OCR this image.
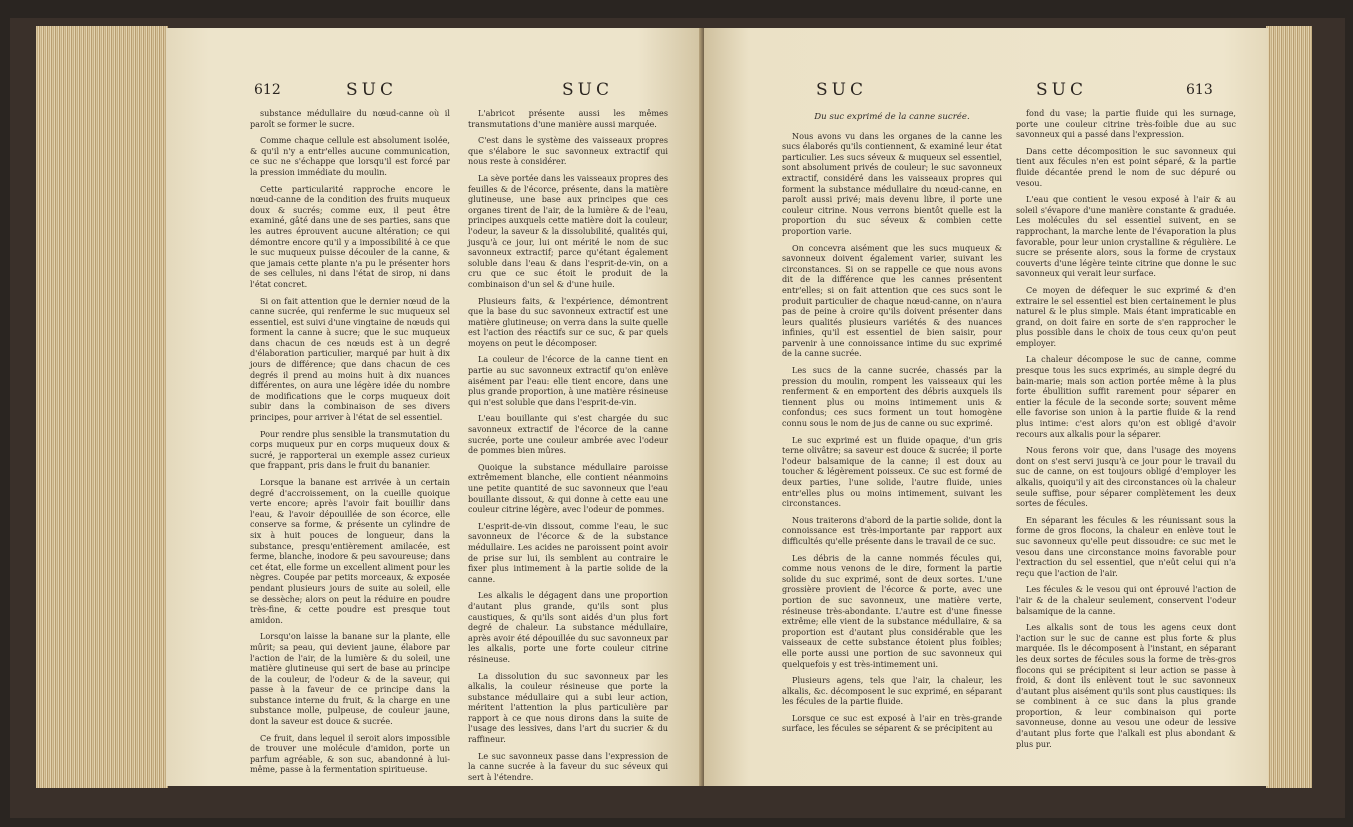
612	SUC	SUC

substance médullaire du nœud-canne où il paroît se former le sucre.

Comme chaque cellule est absolument isolée, & qu'il n'y a entr'elles aucune communication, ce suc ne s'échappe que lorsqu'il est forcé par la pression immédiate du moulin.

Cette particularité rapproche encore le nœud-canne de la condition des fruits muqueux doux & sucrés; comme eux, il peut être examiné, gâté dans une de ses parties, sans que les autres éprouvent aucune altération; ce qui démontre encore qu'il y a impossibilité à ce que le suc muqueux puisse découler de la canne, & que jamais cette plante n'a pu le présenter hors de ses cellules, ni dans l'état de sirop, ni dans l'état concret.

Si on fait attention que le dernier nœud de la canne sucrée, qui renferme le suc muqueux sel essentiel, est suivi d'une vingtaine de nœuds qui forment la canne à sucre; que le suc muqueux dans chacun de ces nœuds est à un degré d'élaboration particulier, marqué par huit à dix jours de différence; que dans chacun de ces degrés il prend au moins huit à dix nuances différentes, on aura une légère idée du nombre de modifications que le corps muqueux doit subir dans la combinaison de ses divers principes, pour arriver à l'état de sel essentiel.

Pour rendre plus sensible la transmutation du corps muqueux pur en corps muqueux doux & sucré, je rapporterai un exemple assez curieux que frappant, pris dans le fruit du bananier.

Lorsque la banane est arrivée à un certain degré d'accroissement, on la cueille quoique verte encore; après l'avoir fait bouillir dans l'eau, & l'avoir dépouillée de son écorce, elle conserve sa forme, & présente un cylindre de six à huit pouces de longueur, dans la substance, presqu'entièrement amilacée, est ferme, blanche, inodore & peu savoureuse; dans cet état, elle forme un excellent aliment pour les nègres. Coupée par petits morceaux, & exposée pendant plusieurs jours de suite au soleil, elle se dessèche; alors on peut la réduire en poudre très-fine, & cette poudre est presque tout amidon.

Lorsqu'on laisse la banane sur la plante, elle mûrit; sa peau, qui devient jaune, élabore par l'action de l'air, de la lumière & du soleil, une matière glutineuse qui sert de base au principe de la couleur, de l'odeur & de la saveur, qui passe à la faveur de ce principe dans la substance interne du fruit, & la charge en une substance molle, pulpeuse, de couleur jaune, dont la saveur est douce & sucrée.

Ce fruit, dans lequel il seroit alors impossible de trouver une molécule d'amidon, porte un parfum agréable, & son suc, abandonné à lui-même, passe à la fermentation spiritueuse.

L'abricot présente aussi les mêmes transmutations d'une manière aussi marquée.

C'est dans le système des vaisseaux propres que s'élabore le suc savonneux extractif qui nous reste à considérer.

La sève portée dans les vaisseaux propres des feuilles & de l'écorce, présente, dans la matière glutineuse, une base aux principes que ces organes tirent de l'air, de la lumière & de l'eau, principes auxquels cette matière doit la couleur, l'odeur, la saveur & la dissolubilité, qualités qui, jusqu'à ce jour, lui ont mérité le nom de suc savonneux extractif; parce qu'étant également soluble dans l'eau & dans l'esprit-de-vin, on a cru que ce suc étoit le produit de la combinaison d'un sel & d'une huile.

Plusieurs faits, & l'expérience, démontrent que la base du suc savonneux extractif est une matière glutineuse; on verra dans la suite quelle est l'action des réactifs sur ce suc, & par quels moyens on peut le décomposer.

La couleur de l'écorce de la canne tient en partie au suc savonneux extractif qu'on enlève aisément par l'eau: elle tient encore, dans une plus grande proportion, à une matière résineuse qui n'est soluble que dans l'esprit-de-vin.

L'eau bouillante qui s'est chargée du suc savonneux extractif de l'écorce de la canne sucrée, porte une couleur ambrée avec l'odeur de pommes bien mûres.

Quoique la substance médullaire paroisse extrêmement blanche, elle contient néanmoins une petite quantité de suc savonneux que l'eau bouillante dissout, & qui donne à cette eau une couleur citrine légère, avec l'odeur de pommes.

L'esprit-de-vin dissout, comme l'eau, le suc savonneux de l'écorce & de la substance médullaire. Les acides ne paroissent point avoir de prise sur lui, ils semblent au contraire le fixer plus intimement à la partie solide de la canne.

Les alkalis le dégagent dans une proportion d'autant plus grande, qu'ils sont plus caustiques, & qu'ils sont aidés d'un plus fort degré de chaleur. La substance médullaire, après avoir été dépouillée du suc savonneux par les alkalis, porte une forte couleur citrine résineuse.

La dissolution du suc savonneux par les alkalis, la couleur résineuse que porte la substance médullaire qui a subi leur action, méritent l'attention la plus particulière par rapport à ce que nous dirons dans la suite de l'usage des lessives, dans l'art du sucrier & du raffineur.

Le suc savonneux passe dans l'expression de la canne sucrée à la faveur du suc séveux qui sert à l'étendre.

SUC	SUC	613

Du suc exprimé de la canne sucrée.

Nous avons vu dans les organes de la canne les sucs élaborés qu'ils contiennent, & examiné leur état particulier. Les sucs séveux & muqueux sel essentiel, sont absolument privés de couleur; le suc savonneux extractif, considéré dans les vaisseaux propres qui forment la substance médullaire du nœud-canne, en paroît aussi privé; mais devenu libre, il porte une couleur citrine. Nous verrons bientôt quelle est la proportion du suc séveux & combien cette proportion varie.

On concevra aisément que les sucs muqueux & savonneux doivent également varier, suivant les circonstances. Si on se rappelle ce que nous avons dit de la différence que les cannes présentent entr'elles; si on fait attention que ces sucs sont le produit particulier de chaque nœud-canne, on n'aura pas de peine à croire qu'ils doivent présenter dans leurs qualités plusieurs variétés & des nuances infinies, qu'il est essentiel de bien saisir, pour parvenir à une connoissance intime du suc exprimé de la canne sucrée.

Les sucs de la canne sucrée, chassés par la pression du moulin, rompent les vaisseaux qui les renferment & en emportent des débris auxquels ils tiennent plus ou moins intimement unis & confondus; ces sucs forment un tout homogène connu sous le nom de jus de canne ou suc exprimé.

Le suc exprimé est un fluide opaque, d'un gris terne olivâtre; sa saveur est douce & sucrée; il porte l'odeur balsamique de la canne; il est doux au toucher & légèrement poisseux. Ce suc est formé de deux parties, l'une solide, l'autre fluide, unies entr'elles plus ou moins intimement, suivant les circonstances.

Nous traiterons d'abord de la partie solide, dont la connoissance est très-importante par rapport aux difficultés qu'elle présente dans le travail de ce suc.

Les débris de la canne nommés fécules qui, comme nous venons de le dire, forment la partie solide du suc exprimé, sont de deux sortes. L'une grossière provient de l'écorce & porte, avec une portion de suc savonneux, une matière verte, résineuse très-abondante. L'autre est d'une finesse extrême; elle vient de la substance médullaire, & sa proportion est d'autant plus considérable que les vaisseaux de cette substance étoient plus foibles; elle porte aussi une portion de suc savonneux qui quelquefois y est très-intimement uni.

Plusieurs agens, tels que l'air, la chaleur, les alkalis, &c. décomposent le suc exprimé, en séparant les fécules de la partie fluide.

Lorsque ce suc est exposé à l'air en très-grande surface, les fécules se séparent & se précipitent au

fond du vase; la partie fluide qui les surnage, porte une couleur citrine très-foible due au suc savonneux qui a passé dans l'expression.

Dans cette décomposition le suc savonneux qui tient aux fécules n'en est point séparé, & la partie fluide décantée prend le nom de suc dépuré ou vesou.

L'eau que contient le vesou exposé à l'air & au soleil s'évapore d'une manière constante & graduée. Les molécules du sel essentiel suivent, en se rapprochant, la marche lente de l'évaporation la plus favorable, pour leur union crystalline & régulière. Le sucre se présente alors, sous la forme de crystaux couverts d'une légère teinte citrine que donne le suc savonneux qui verait leur surface.

Ce moyen de défequer le suc exprimé & d'en extraire le sel essentiel est bien certainement le plus naturel & le plus simple. Mais étant impraticable en grand, on doit faire en sorte de s'en rapprocher le plus possible dans le choix de tous ceux qu'on peut employer.

La chaleur décompose le suc de canne, comme presque tous les sucs exprimés, au simple degré du bain-marie; mais son action portée même à la plus forte ébullition suffit rarement pour séparer en entier la fécule de la seconde sorte; souvent même elle favorise son union à la partie fluide & la rend plus intime: c'est alors qu'on est obligé d'avoir recours aux alkalis pour la séparer.

Nous ferons voir que, dans l'usage des moyens dont on s'est servi jusqu'à ce jour pour le travail du suc de canne, on est toujours obligé d'employer les alkalis, quoiqu'il y ait des circonstances où la chaleur seule suffise, pour séparer complètement les deux sortes de fécules.

En séparant les fécules & les réunissant sous la forme de gros flocons, la chaleur en enlève tout le suc savonneux qu'elle peut dissoudre: ce suc met le vesou dans une circonstance moins favorable pour l'extraction du sel essentiel, que n'eût celui qui n'a reçu que l'action de l'air.

Les fécules & le vesou qui ont éprouvé l'action de l'air & de la chaleur seulement, conservent l'odeur balsamique de la canne.

Les alkalis sont de tous les agens ceux dont l'action sur le suc de canne est plus forte & plus marquée. Ils le décomposent à l'instant, en séparant les deux sortes de fécules sous la forme de très-gros flocons qui se précipitent si leur action se passe à froid, & dont ils enlèvent tout le suc savonneux d'autant plus aisément qu'ils sont plus caustiques: ils se combinent à ce suc dans la plus grande proportion, & leur combinaison qui porte savonneuse, donne au vesou une odeur de lessive d'autant plus forte que l'alkali est plus abondant & plus pur.
